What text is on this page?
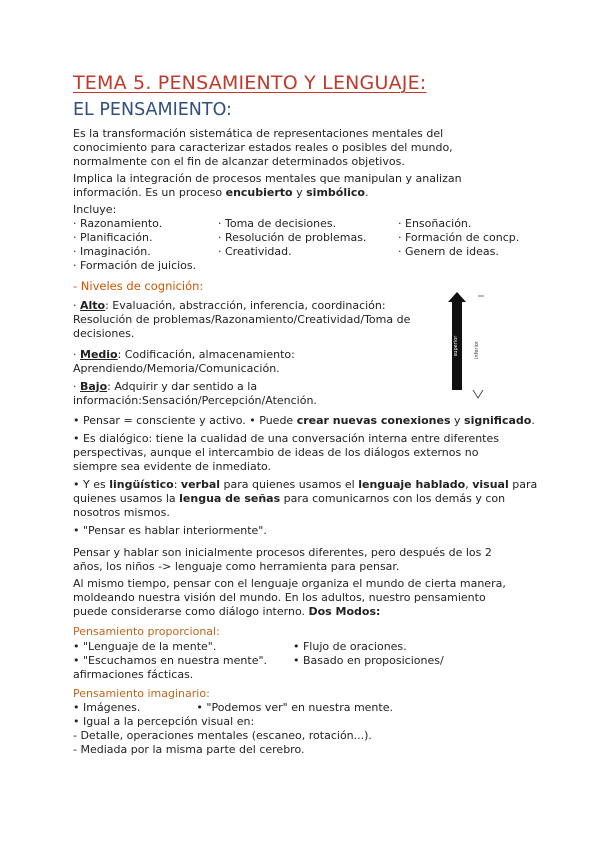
TEMA 5. PENSAMIENTO Y LENGUAJE:
EL PENSAMIENTO:
Es la transformación sistemática de representaciones mentales del
conocimiento para caracterizar estados reales o posibles del mundo,
normalmente con el fin de alcanzar determinados objetivos.
Implica la integración de procesos mentales que manipulan y analizan
información. Es un proceso encubierto y simbólico.
Incluye:
· Razonamiento.
· Planificación.
· Imaginación.
· Formación de juicios.
· Toma de decisiones.
· Resolución de problemas.
· Creatividad.
· Ensoñación.
· Formación de concp.
· Genern de ideas.
- Niveles de cognición:
· Alto: Evaluación, abstracción, inferencia, coordinación:
Resolución de problemas/Razonamiento/Creatividad/Toma de
decisiones.
· Medio: Codificación, almacenamiento:
Aprendiendo/Memoria/Comunicación.
· Bajo: Adquirir y dar sentido a la
información:Sensación/Percepción/Atención.
superior	inferior
• Pensar = consciente y activo. • Puede crear nuevas conexiones y significado.
• Es dialógico: tiene la cualidad de una conversación interna entre diferentes
perspectivas, aunque el intercambio de ideas de los diálogos externos no
siempre sea evidente de inmediato.
• Y es lingüístico: verbal para quienes usamos el lenguaje hablado, visual para
quienes usamos la lengua de señas para comunicarnos con los demás y con
nosotros mismos.
• "Pensar es hablar interiormente".
Pensar y hablar son inicialmente procesos diferentes, pero después de los 2
años, los niños -> lenguaje como herramienta para pensar.
Al mismo tiempo, pensar con el lenguaje organiza el mundo de cierta manera,
moldeando nuestra visión del mundo. En los adultos, nuestro pensamiento
puede considerarse como diálogo interno. Dos Modos:
Pensamiento proporcional:
• "Lenguaje de la mente".
• "Escuchamos en nuestra mente".
afirmaciones fácticas.
• Flujo de oraciones.
• Basado en proposiciones/
Pensamiento imaginario:
• Imágenes.	• "Podemos ver" en nuestra mente.
• Igual a la percepción visual en:
- Detalle, operaciones mentales (escaneo, rotación...).
- Mediada por la misma parte del cerebro.
